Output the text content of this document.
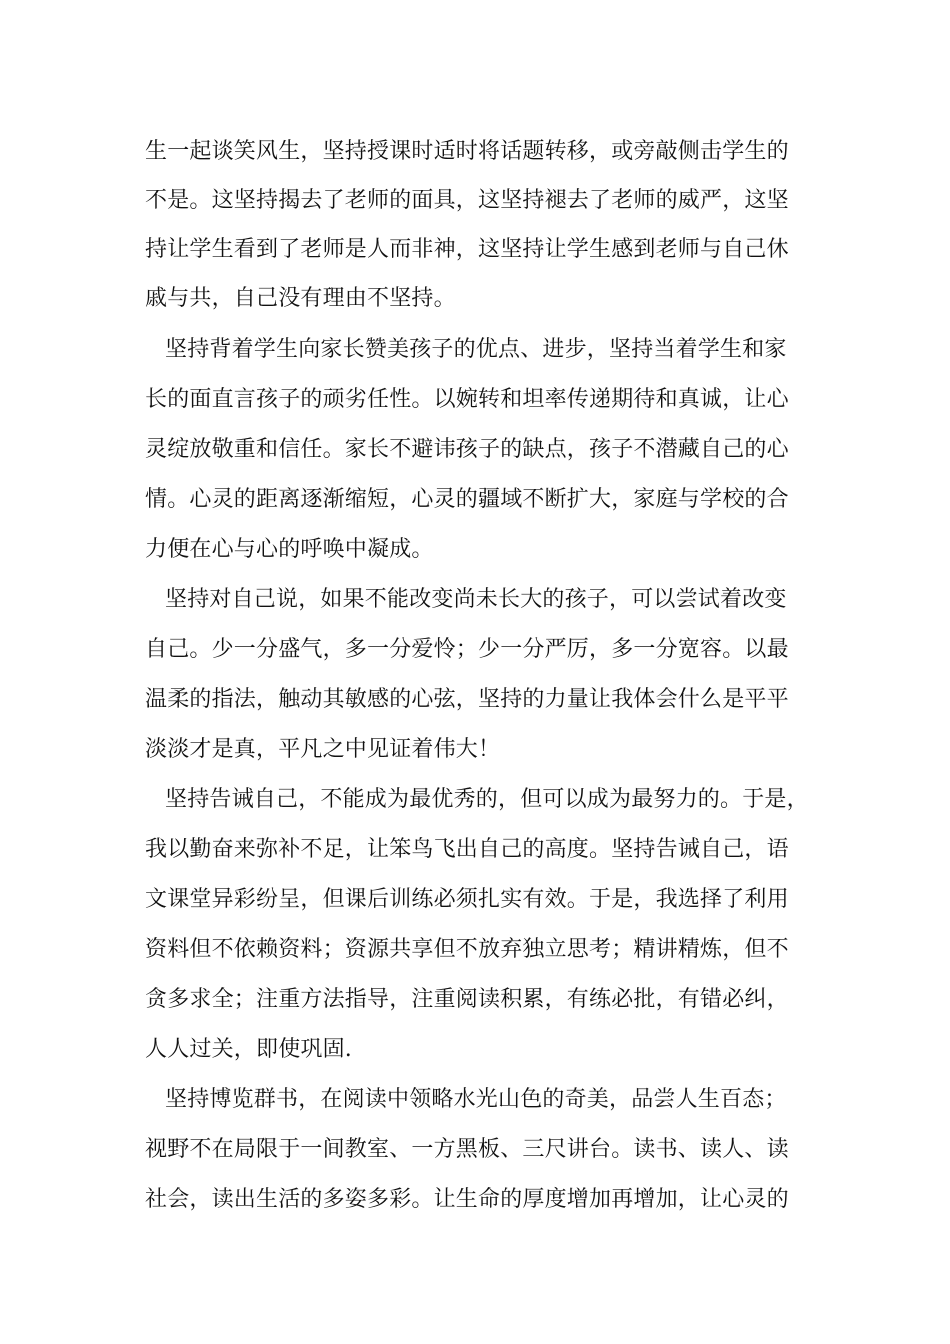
生一起谈笑风生，坚持授课时适时将话题转移，或旁敲侧击学生的
不是。这坚持揭去了老师的面具，这坚持褪去了老师的威严，这坚
持让学生看到了老师是人而非神，这坚持让学生感到老师与自己休
戚与共，自己没有理由不坚持。
坚持背着学生向家长赞美孩子的优点、进步，坚持当着学生和家
长的面直言孩子的顽劣任性。以婉转和坦率传递期待和真诚，让心
灵绽放敬重和信任。家长不避讳孩子的缺点，孩子不潜藏自己的心
情。心灵的距离逐渐缩短，心灵的疆域不断扩大，家庭与学校的合
力便在心与心的呼唤中凝成。
坚持对自己说，如果不能改变尚未长大的孩子，可以尝试着改变
自己。少一分盛气，多一分爱怜；少一分严厉，多一分宽容。以最
温柔的指法，触动其敏感的心弦，坚持的力量让我体会什么是平平
淡淡才是真，平凡之中见证着伟大！
坚持告诫自己，不能成为最优秀的，但可以成为最努力的。于是，
我以勤奋来弥补不足，让笨鸟飞出自己的高度。坚持告诫自己，语
文课堂异彩纷呈，但课后训练必须扎实有效。于是，我选择了利用
资料但不依赖资料；资源共享但不放弃独立思考；精讲精炼，但不
贪多求全；注重方法指导，注重阅读积累，有练必批，有错必纠，
人人过关，即使巩固.
坚持博览群书，在阅读中领略水光山色的奇美，品尝人生百态；
视野不在局限于一间教室、一方黑板、三尺讲台。读书、读人、读
社会，读出生活的多姿多彩。让生命的厚度增加再增加，让心灵的
